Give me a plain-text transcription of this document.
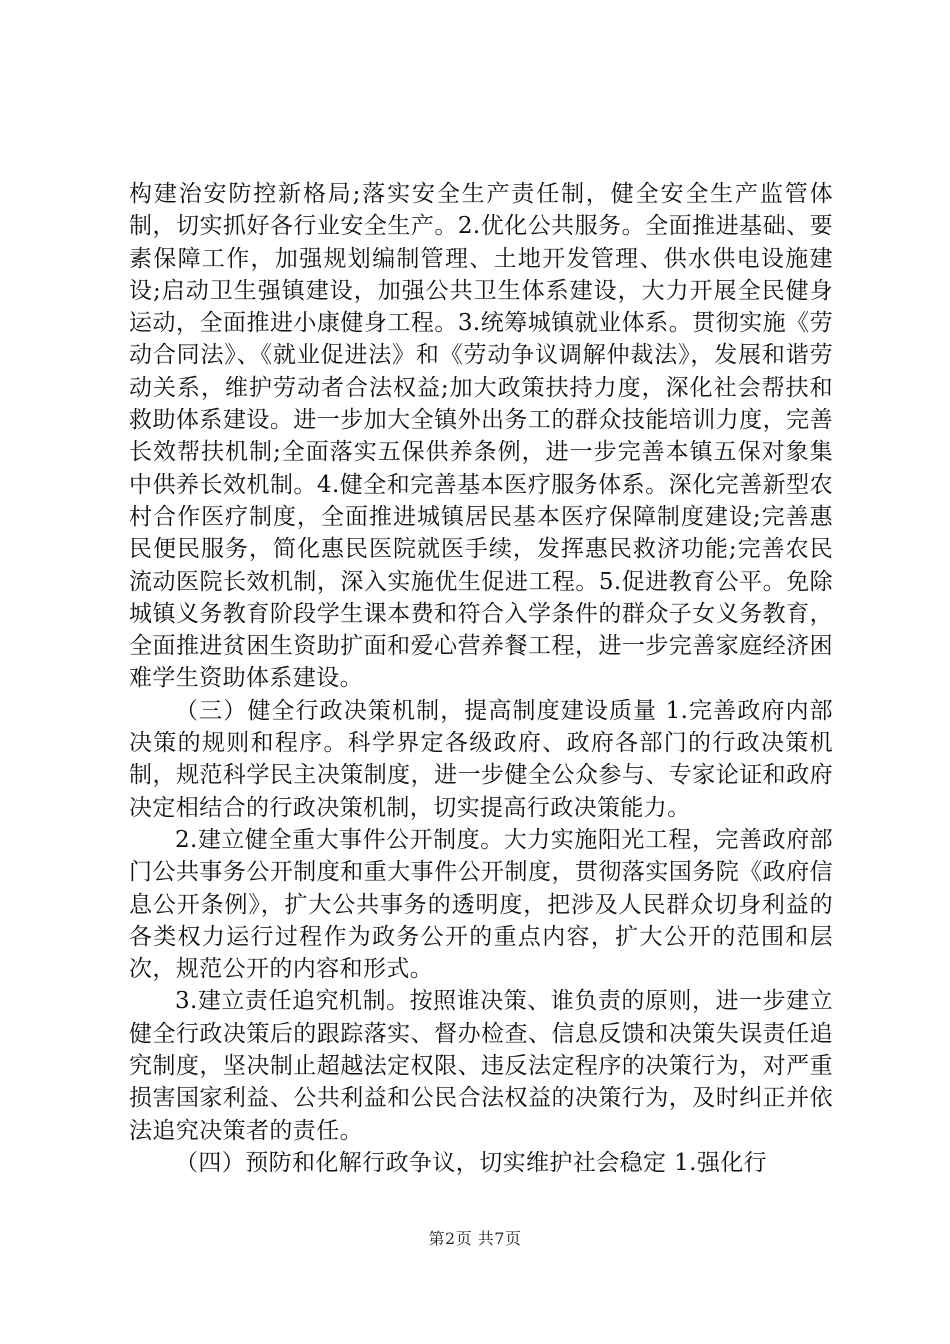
构建治安防控新格局;落实安全生产责任制，健全安全生产监管体制，切实抓好各行业安全生产。2.优化公共服务。全面推进基础、要素保障工作，加强规划编制管理、土地开发管理、供水供电设施建设;启动卫生强镇建设，加强公共卫生体系建设，大力开展全民健身运动，全面推进小康健身工程。3.统筹城镇就业体系。贯彻实施《劳动合同法》、《就业促进法》和《劳动争议调解仲裁法》，发展和谐劳动关系，维护劳动者合法权益;加大政策扶持力度，深化社会帮扶和救助体系建设。进一步加大全镇外出务工的群众技能培训力度，完善长效帮扶机制;全面落实五保供养条例，进一步完善本镇五保对象集中供养长效机制。4.健全和完善基本医疗服务体系。深化完善新型农村合作医疗制度，全面推进城镇居民基本医疗保障制度建设;完善惠民便民服务，简化惠民医院就医手续，发挥惠民救济功能;完善农民流动医院长效机制，深入实施优生促进工程。5.促进教育公平。免除城镇义务教育阶段学生课本费和符合入学条件的群众子女义务教育，全面推进贫困生资助扩面和爱心营养餐工程，进一步完善家庭经济困难学生资助体系建设。

（三）健全行政决策机制，提高制度建设质量 1.完善政府内部决策的规则和程序。科学界定各级政府、政府各部门的行政决策机制，规范科学民主决策制度，进一步健全公众参与、专家论证和政府决定相结合的行政决策机制，切实提高行政决策能力。

2.建立健全重大事件公开制度。大力实施阳光工程，完善政府部门公共事务公开制度和重大事件公开制度，贯彻落实国务院《政府信息公开条例》，扩大公共事务的透明度，把涉及人民群众切身利益的各类权力运行过程作为政务公开的重点内容，扩大公开的范围和层次，规范公开的内容和形式。

3.建立责任追究机制。按照谁决策、谁负责的原则，进一步建立健全行政决策后的跟踪落实、督办检查、信息反馈和决策失误责任追究制度，坚决制止超越法定权限、违反法定程序的决策行为，对严重损害国家利益、公共利益和公民合法权益的决策行为，及时纠正并依法追究决策者的责任。

（四）预防和化解行政争议，切实维护社会稳定 1.强化行

第2页 共7页
